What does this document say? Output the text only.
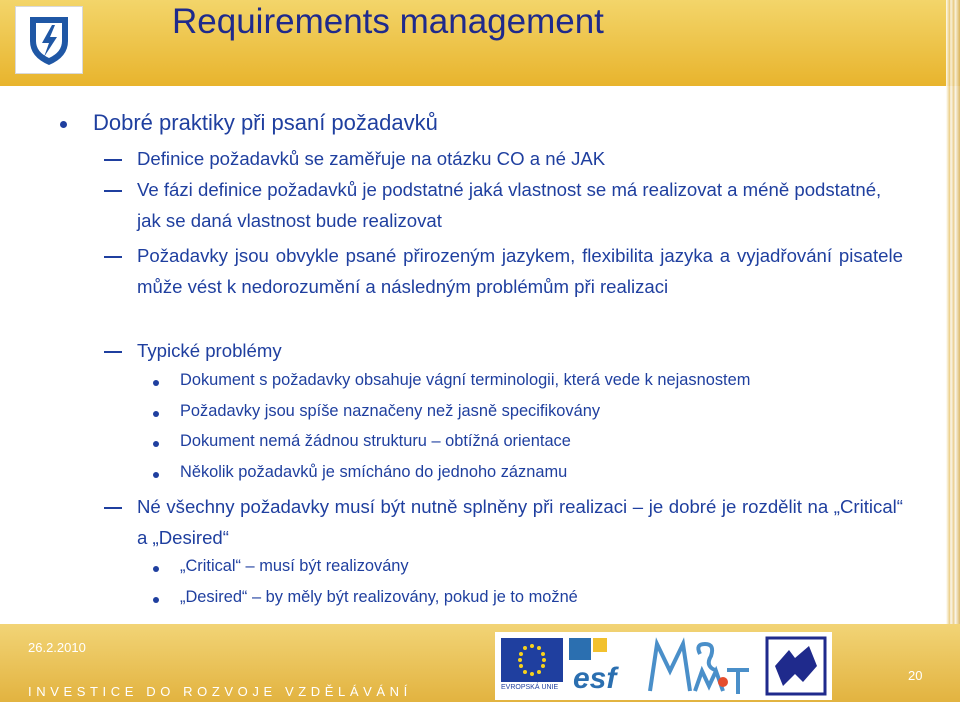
Requirements management
Dobré praktiky při psaní požadavků
Definice požadavků se zaměřuje na otázku CO a né JAK
Ve fázi definice požadavků je podstatné jaká vlastnost se má realizovat a méně podstatné, jak se daná vlastnost bude realizovat
Požadavky jsou obvykle psané přirozeným jazykem, flexibilita jazyka a vyjadřování pisatele může vést k nedorozumění a následným problémům při realizaci
Typické problémy
Dokument s požadavky obsahuje vágní terminologii, která vede k nejasnostem
Požadavky jsou spíše naznačeny než jasně specifikovány
Dokument nemá žádnou strukturu – obtížná orientace
Několik požadavků je smícháno do jednoho záznamu
Né všechny požadavky musí být nutně splněny při realizaci – je dobré je rozdělit na „Critical“ a „Desired“
„Critical“ – musí být realizovány
„Desired“ – by měly být realizovány, pokud je to možné
26.2.2010
INVESTICE DO ROZVOJE VZDĚLÁVÁNÍ	EVROPSKÁ UNIE esf	20
